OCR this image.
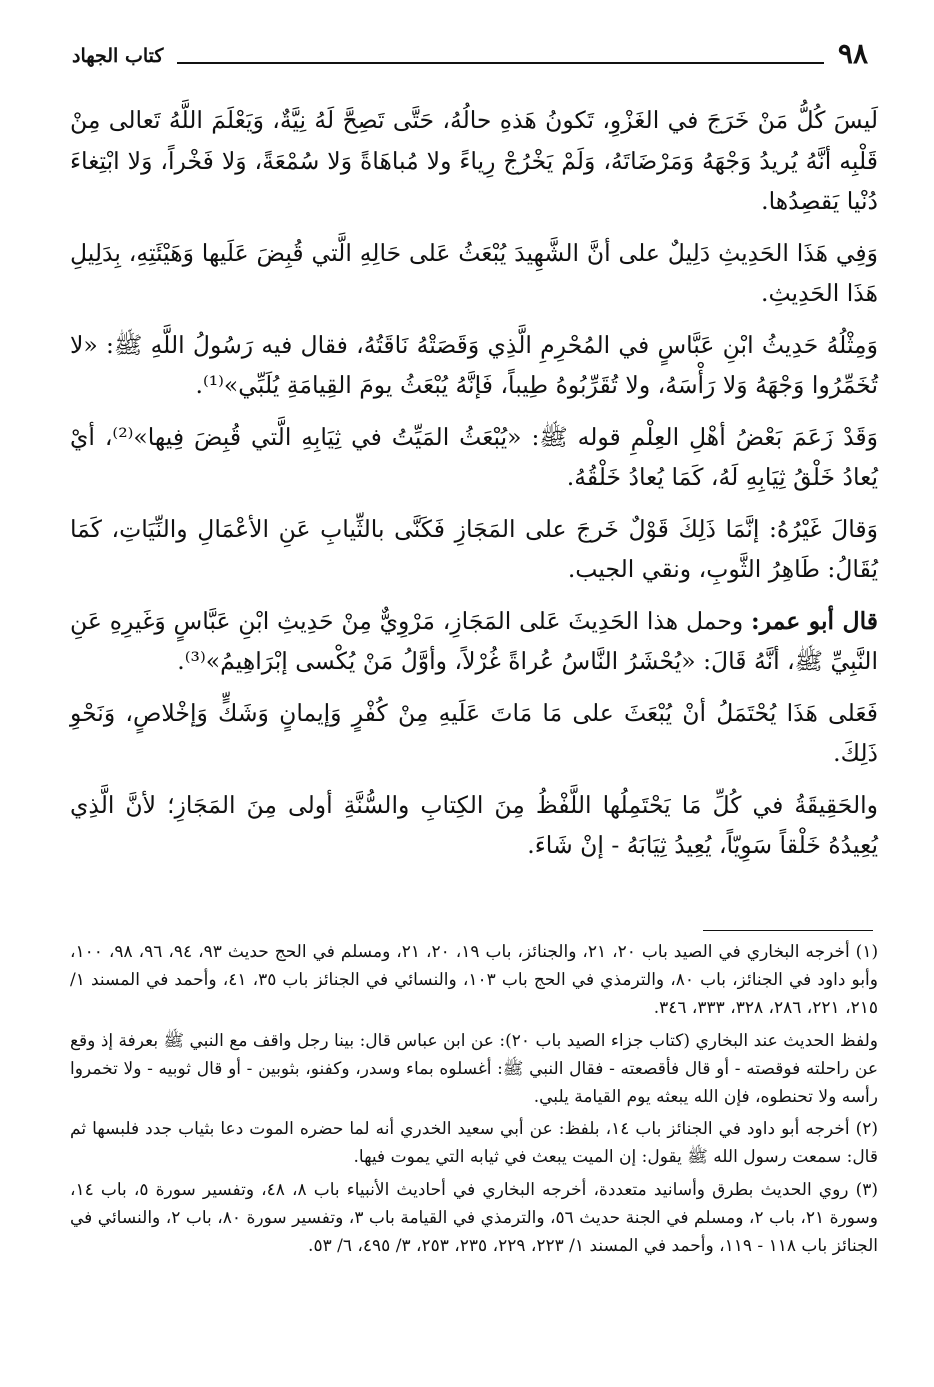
٩٨
كتاب الجهاد

لَيسَ كُلُّ مَنْ خَرَجَ في الغَزْوِ، تَكونُ هَذهِ حالُهُ، حَتَّى تَصِحَّ لَهُ نِيَّةٌ، وَيَعْلَمَ اللَّهُ تَعالى مِنْ قَلْبِه أنَّهُ يُريدُ وَجْهَهُ وَمَرْضَاتَهُ، وَلَمْ يَخْرُجْ رِياءً ولا مُباهَاةً وَلا سُمْعَةً، وَلا فَخْراً، وَلا ابْتِغاءَ دُنْيا يَقصِدُها.

وَفِي هَذَا الحَدِيثِ دَلِيلٌ على أنَّ الشَّهِيدَ يُبْعَثُ عَلى حَالِهِ الَّتي قُبِضَ عَلَيها وَهَيْئَتِهِ، بِدَلِيلِ هَذَا الحَدِيثِ.

وَمِثْلُهُ حَدِيثُ ابْنِ عَبَّاسٍ في المُحْرِمِ الَّذِي وَقَصَتْهُ نَاقَتُهُ، فقال فيه رَسُولُ اللَّهِ ﷺ: «لا تُخَمِّرُوا وَجْهَهُ وَلا رَأْسَهُ، ولا تُقَرِّبُوهُ طِيباً، فَإنَّهُ يُبْعَثُ يومَ القِيامَةِ يُلَبِّي»⁽¹⁾.

وَقَدْ زَعَمَ بَعْضُ أهْلِ العِلْمِ قوله ﷺ: «يُبْعَثُ المَيِّتُ في ثِيَابِهِ الَّتي قُبِضَ فِيها»⁽²⁾، أيْ يُعادُ خَلْقُ ثِيَابِهِ لَهُ، كَمَا يُعادُ خَلْقُهُ.

وَقالَ غَيْرُهُ: إنَّمَا ذَلِكَ قَوْلٌ خَرجَ على المَجَازِ فَكَنَّى بالثِّيابِ عَنِ الأعْمَالِ والنِّيَاتِ، كَمَا يُقَالُ: طَاهِرُ الثَّوبِ، ونقي الجيب.

قال أبو عمر: وحمل هذا الحَدِيثَ عَلى المَجَازِ، مَرْوِيٌّ مِنْ حَدِيثِ ابْنِ عَبَّاسٍ وَغَيرِهِ عَنِ النَّبِيِّ ﷺ، أنَّهُ قَالَ: «يُحْشَرُ النَّاسُ عُراةً غُرْلاً، وأوَّلُ مَنْ يُكْسى إبْرَاهِيمُ»⁽³⁾.

فَعَلى هَذَا يُحْتَمَلُ أنْ يُبْعَثَ على مَا مَاتَ عَلَيهِ مِنْ كُفْرٍ وَإيمانٍ وَشَكٍّ وَإخْلاصٍ، وَنَحْوِ ذَلِكَ.

والحَقِيقَةُ في كُلِّ مَا يَحْتَمِلُها اللَّفْظُ مِنَ الكِتابِ والسُّنَّةِ أولى مِنَ المَجَازِ؛ لأنَّ الَّذِي يُعِيدُهُ خَلْقاً سَوِيّاً، يُعِيدُ ثِيَابَهُ - إنْ شَاءَ.

(١) أخرجه البخاري في الصيد باب ٢٠، ٢١، والجنائز، باب ١٩، ٢٠، ٢١، ومسلم في الحج حديث ٩٣، ٩٤، ٩٦، ٩٨، ١٠٠، وأبو داود في الجنائز، باب ٨٠، والترمذي في الحج باب ١٠٣، والنسائي في الجنائز باب ٣٥، ٤١، وأحمد في المسند ١/ ٢١٥، ٢٢١، ٢٨٦، ٣٢٨، ٣٣٣، ٣٤٦.

ولفظ الحديث عند البخاري (كتاب جزاء الصيد باب ٢٠): عن ابن عباس قال: بينا رجل واقف مع النبي ﷺ بعرفة إذ وقع عن راحلته فوقصته - أو قال فأقصعته - فقال النبي ﷺ: أغسلوه بماء وسدر، وكفنو، بثوبين - أو قال ثوبيه - ولا تخمروا رأسه ولا تحنطوه، فإن الله يبعثه يوم القيامة يلبي.

(٢) أخرجه أبو داود في الجنائز باب ١٤، بلفظ: عن أبي سعيد الخدري أنه لما حضره الموت دعا بثياب جدد فلبسها ثم قال: سمعت رسول الله ﷺ يقول: إن الميت يبعث في ثيابه التي يموت فيها.

(٣) روي الحديث بطرق وأسانيد متعددة، أخرجه البخاري في أحاديث الأنبياء باب ٨، ٤٨، وتفسير سورة ٥، باب ١٤، وسورة ٢١، باب ٢، ومسلم في الجنة حديث ٥٦، والترمذي في القيامة باب ٣، وتفسير سورة ٨٠، باب ٢، والنسائي في الجنائز باب ١١٨ - ١١٩، وأحمد في المسند ١/ ٢٢٣، ٢٢٩، ٢٣٥، ٢٥٣، ٣/ ٤٩٥، ٦/ ٥٣.
